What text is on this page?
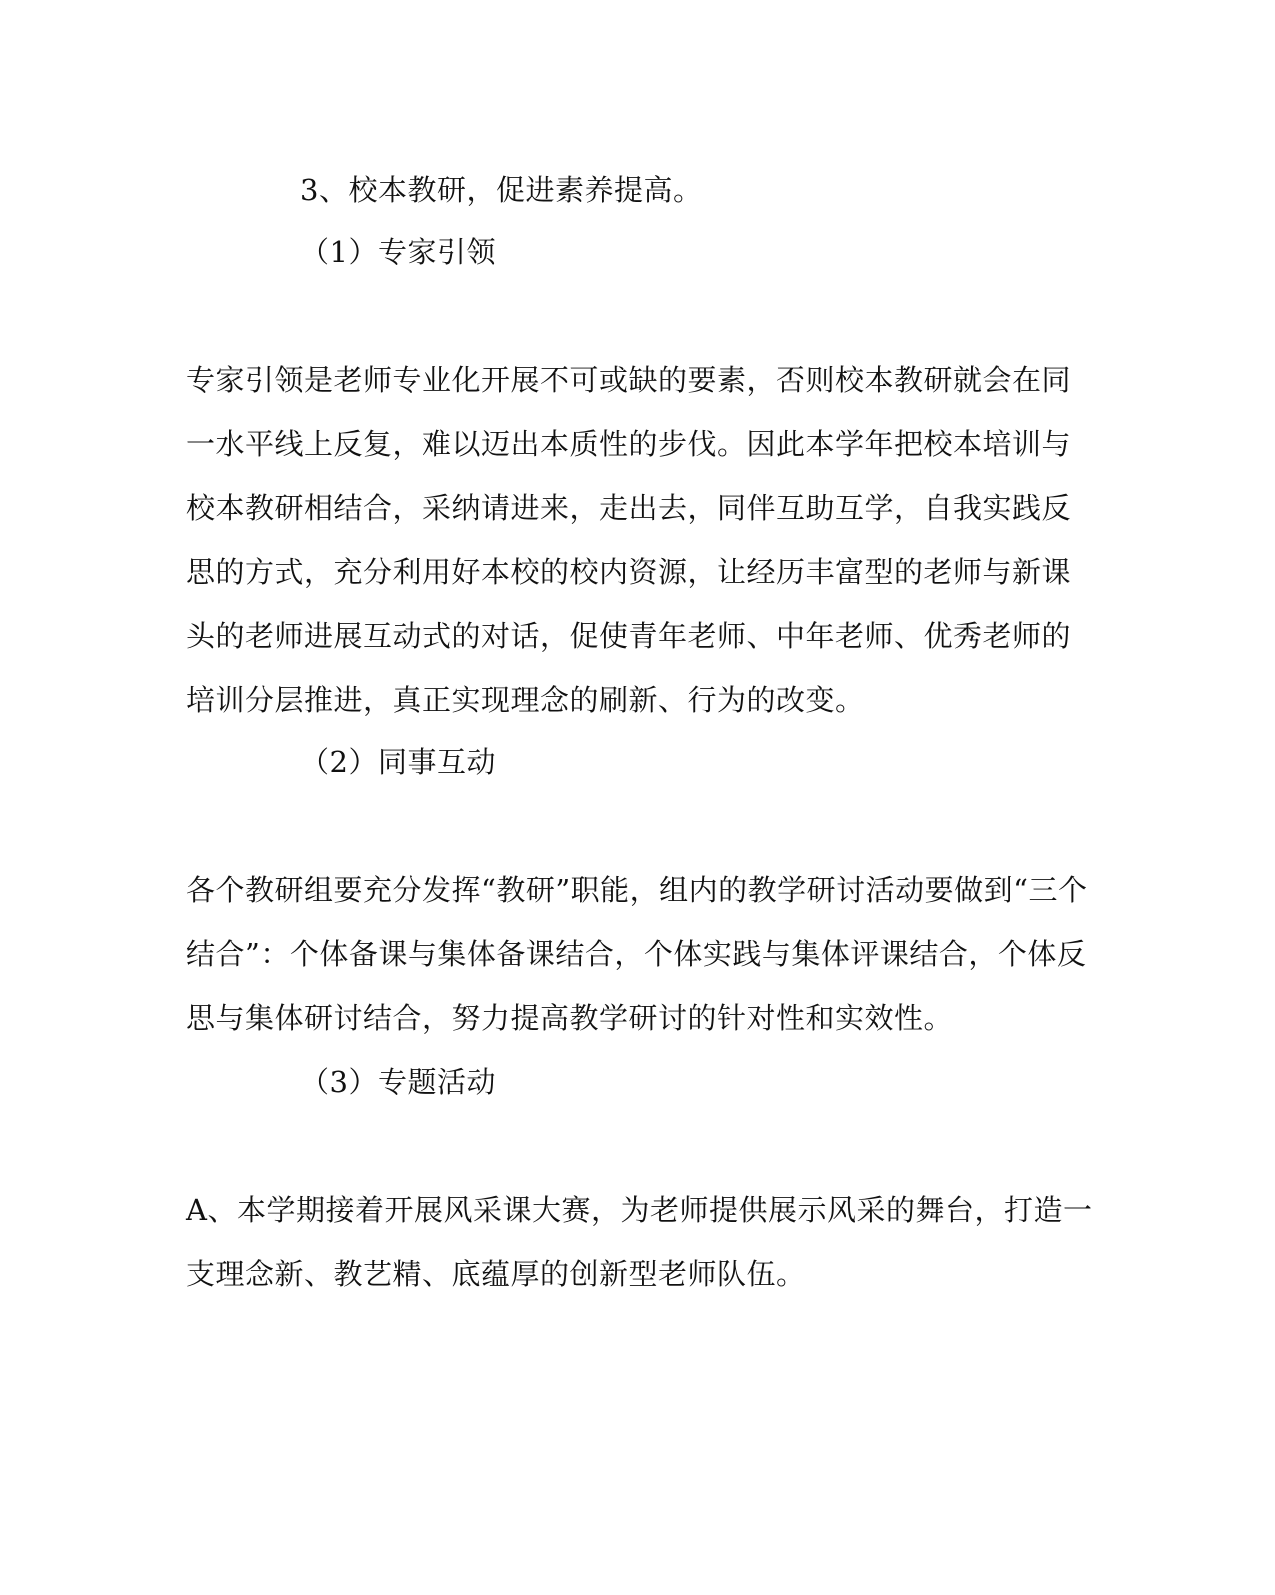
3、校本教研，促进素养提高。
（1）专家引领
专家引领是老师专业化开展不可或缺的要素，否则校本教研就会在同
一水平线上反复，难以迈出本质性的步伐。因此本学年把校本培训与
校本教研相结合，采纳请进来，走出去，同伴互助互学，自我实践反
思的方式，充分利用好本校的校内资源，让经历丰富型的老师与新课
头的老师进展互动式的对话，促使青年老师、中年老师、优秀老师的
培训分层推进，真正实现理念的刷新、行为的改变。
（2）同事互动
各个教研组要充分发挥“教研”职能，组内的教学研讨活动要做到“三个
结合”：个体备课与集体备课结合，个体实践与集体评课结合，个体反
思与集体研讨结合，努力提高教学研讨的针对性和实效性。
（3）专题活动
A、本学期接着开展风采课大赛，为老师提供展示风采的舞台，打造一
支理念新、教艺精、底蕴厚的创新型老师队伍。
